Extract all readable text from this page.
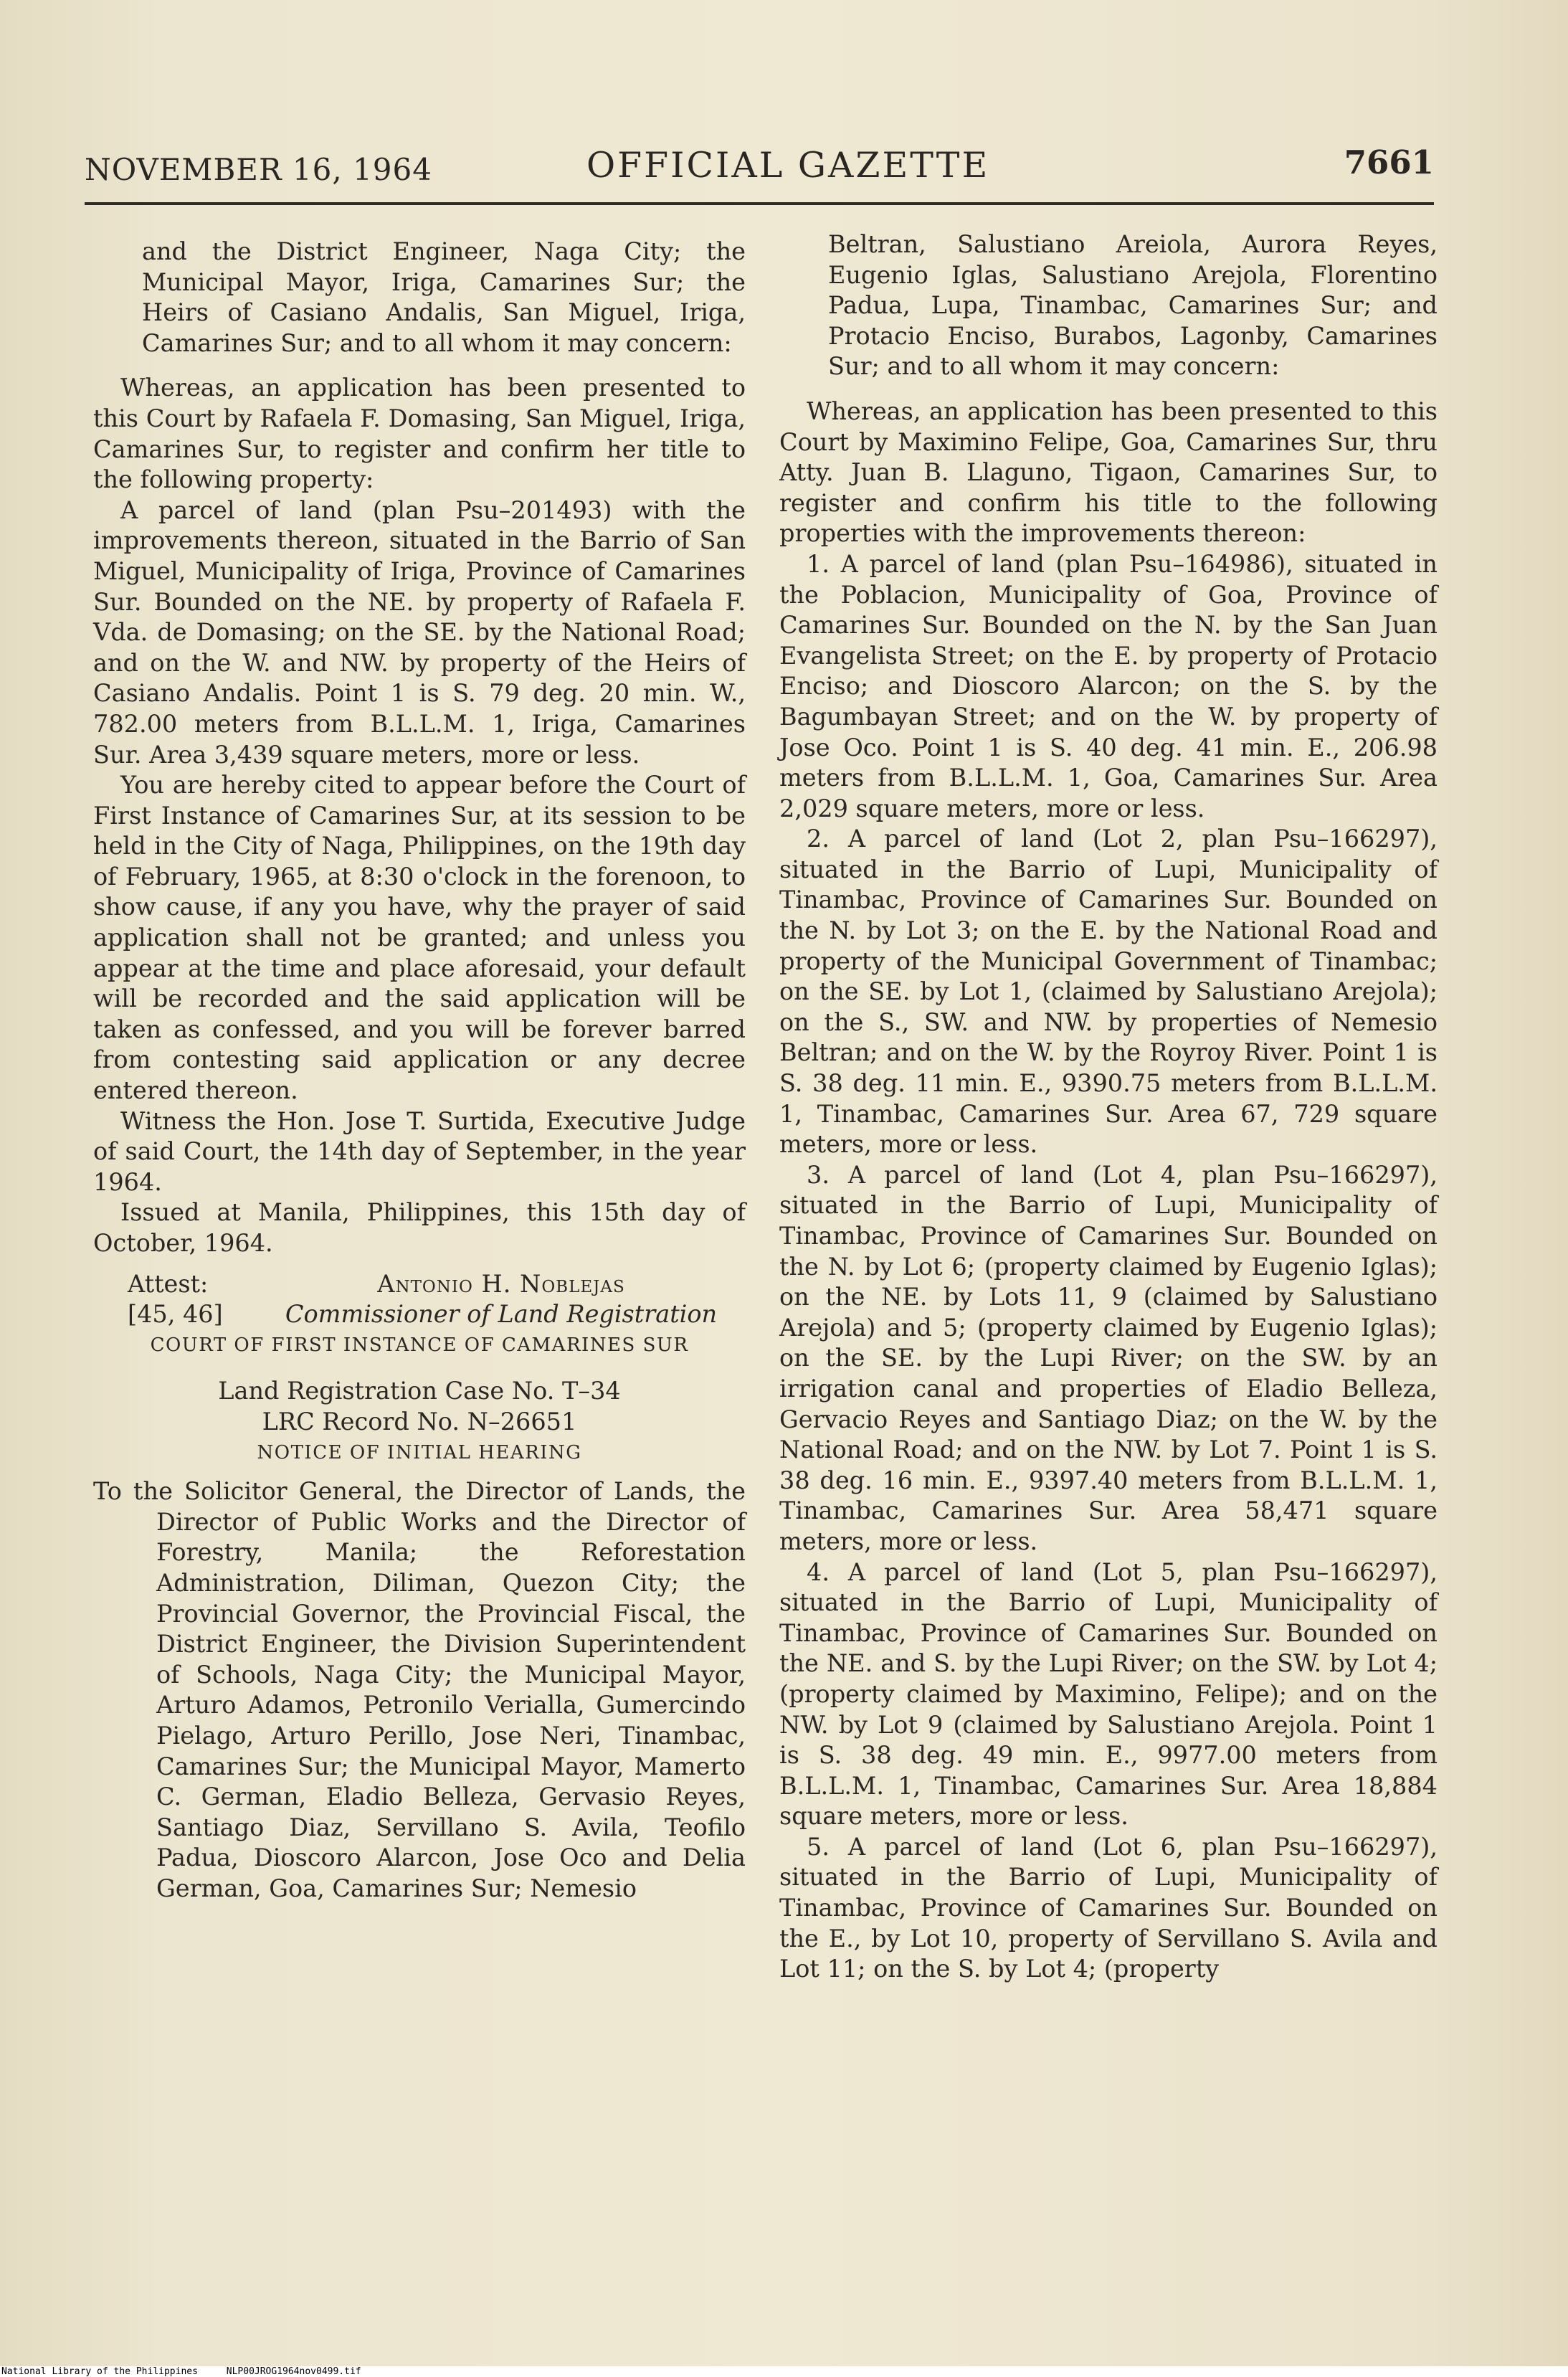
NOVEMBER 16, 1964	OFFICIAL GAZETTE	7661

and the District Engineer, Naga City; the Municipal Mayor, Iriga, Camarines Sur; the Heirs of Casiano Andalis, San Miguel, Iriga, Camarines Sur; and to all whom it may concern:

Whereas, an application has been presented to this Court by Rafaela F. Domasing, San Miguel, Iriga, Camarines Sur, to register and confirm her title to the following property:

A parcel of land (plan Psu–201493) with the improvements thereon, situated in the Barrio of San Miguel, Municipality of Iriga, Province of Camarines Sur. Bounded on the NE. by property of Rafaela F. Vda. de Domasing; on the SE. by the National Road; and on the W. and NW. by property of the Heirs of Casiano Andalis. Point 1 is S. 79 deg. 20 min. W., 782.00 meters from B.L.L.M. 1, Iriga, Camarines Sur. Area 3,439 square meters, more or less.

You are hereby cited to appear before the Court of First Instance of Camarines Sur, at its session to be held in the City of Naga, Philippines, on the 19th day of February, 1965, at 8:30 o'clock in the forenoon, to show cause, if any you have, why the prayer of said application shall not be granted; and unless you appear at the time and place aforesaid, your default will be recorded and the said application will be taken as confessed, and you will be forever barred from contesting said application or any decree entered thereon.

Witness the Hon. Jose T. Surtida, Executive Judge of said Court, the 14th day of September, in the year 1964.

Issued at Manila, Philippines, this 15th day of October, 1964.

Attest:
[45, 46]
Antonio H. Noblejas
Commissioner of Land Registration

COURT OF FIRST INSTANCE OF CAMARINES SUR

Land Registration Case No. T–34

LRC Record No. N–26651

NOTICE OF INITIAL HEARING

To the Solicitor General, the Director of Lands, the Director of Public Works and the Director of Forestry, Manila; the Reforestation Administration, Diliman, Quezon City; the Provincial Governor, the Provincial Fiscal, the District Engineer, the Division Superintendent of Schools, Naga City; the Municipal Mayor, Arturo Adamos, Petronilo Verialla, Gumercindo Pielago, Arturo Perillo, Jose Neri, Tinambac, Camarines Sur; the Municipal Mayor, Mamerto C. German, Eladio Belleza, Gervasio Reyes, Santiago Diaz, Servillano S. Avila, Teofilo Padua, Dioscoro Alarcon, Jose Oco and Delia German, Goa, Camarines Sur; Nemesio

Beltran, Salustiano Areiola, Aurora Reyes, Eugenio Iglas, Salustiano Arejola, Florentino Padua, Lupa, Tinambac, Camarines Sur; and Protacio Enciso, Burabos, Lagonby, Camarines Sur; and to all whom it may concern:

Whereas, an application has been presented to this Court by Maximino Felipe, Goa, Camarines Sur, thru Atty. Juan B. Llaguno, Tigaon, Camarines Sur, to register and confirm his title to the following properties with the improvements thereon:

1. A parcel of land (plan Psu–164986), situated in the Poblacion, Municipality of Goa, Province of Camarines Sur. Bounded on the N. by the San Juan Evangelista Street; on the E. by property of Protacio Enciso; and Dioscoro Alarcon; on the S. by the Bagumbayan Street; and on the W. by property of Jose Oco. Point 1 is S. 40 deg. 41 min. E., 206.98 meters from B.L.L.M. 1, Goa, Camarines Sur. Area 2,029 square meters, more or less.

2. A parcel of land (Lot 2, plan Psu–166297), situated in the Barrio of Lupi, Municipality of Tinambac, Province of Camarines Sur. Bounded on the N. by Lot 3; on the E. by the National Road and property of the Municipal Government of Tinambac; on the SE. by Lot 1, (claimed by Salustiano Arejola); on the S., SW. and NW. by properties of Nemesio Beltran; and on the W. by the Royroy River. Point 1 is S. 38 deg. 11 min. E., 9390.75 meters from B.L.L.M. 1, Tinambac, Camarines Sur. Area 67, 729 square meters, more or less.

3. A parcel of land (Lot 4, plan Psu–166297), situated in the Barrio of Lupi, Municipality of Tinambac, Province of Camarines Sur. Bounded on the N. by Lot 6; (property claimed by Eugenio Iglas); on the NE. by Lots 11, 9 (claimed by Salustiano Arejola) and 5; (property claimed by Eugenio Iglas); on the SE. by the Lupi River; on the SW. by an irrigation canal and properties of Eladio Belleza, Gervacio Reyes and Santiago Diaz; on the W. by the National Road; and on the NW. by Lot 7. Point 1 is S. 38 deg. 16 min. E., 9397.40 meters from B.L.L.M. 1, Tinambac, Camarines Sur. Area 58,471 square meters, more or less.

4. A parcel of land (Lot 5, plan Psu–166297), situated in the Barrio of Lupi, Municipality of Tinambac, Province of Camarines Sur. Bounded on the NE. and S. by the Lupi River; on the SW. by Lot 4; (property claimed by Maximino, Felipe); and on the NW. by Lot 9 (claimed by Salustiano Arejola. Point 1 is S. 38 deg. 49 min. E., 9977.00 meters from B.L.L.M. 1, Tinambac, Camarines Sur. Area 18,884 square meters, more or less.

5. A parcel of land (Lot 6, plan Psu–166297), situated in the Barrio of Lupi, Municipality of Tinambac, Province of Camarines Sur. Bounded on the E., by Lot 10, property of Servillano S. Avila and Lot 11; on the S. by Lot 4; (property

National Library of the Philippines	NLP00JROG1964nov0499.tif
